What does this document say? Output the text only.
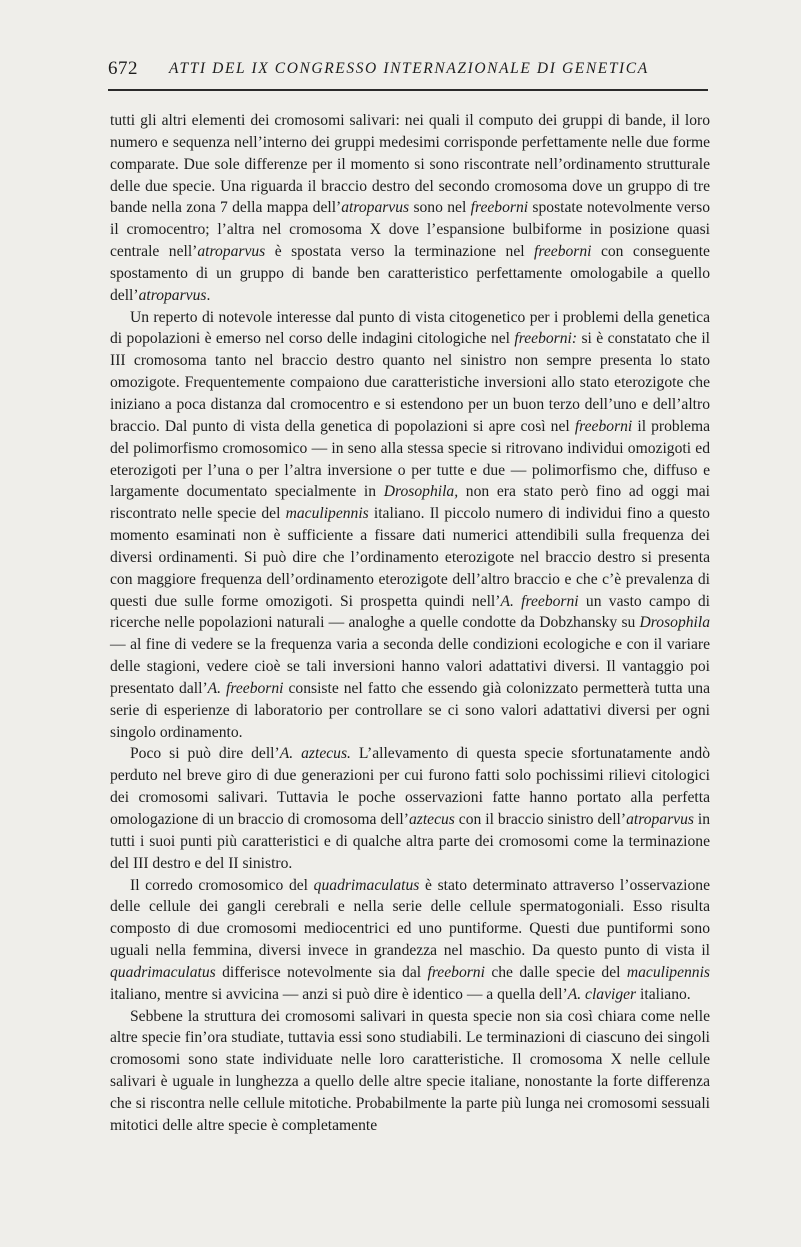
672 ATTI DEL IX CONGRESSO INTERNAZIONALE DI GENETICA

tutti gli altri elementi dei cromosomi salivari: nei quali il computo dei gruppi di bande, il loro numero e sequenza nell’interno dei gruppi medesimi corrisponde perfettamente nelle due forme comparate. Due sole differenze per il momento si sono riscontrate nell’ordinamento strutturale delle due specie. Una riguarda il braccio destro del secondo cromosoma dove un gruppo di tre bande nella zona 7 della mappa dell’atroparvus sono nel freeborni spostate notevolmente verso il cromocentro; l’altra nel cromosoma X dove l’espansione bulbiforme in posizione quasi centrale nell’atroparvus è spostata verso la terminazione nel freeborni con conseguente spostamento di un gruppo di bande ben caratteristico perfettamente omologabile a quello dell’atroparvus.

Un reperto di notevole interesse dal punto di vista citogenetico per i problemi della genetica di popolazioni è emerso nel corso delle indagini citologiche nel freeborni: si è constatato che il III cromosoma tanto nel braccio destro quanto nel sinistro non sempre presenta lo stato omozigote. Frequentemente compaiono due caratteristiche inversioni allo stato eterozigote che iniziano a poca distanza dal cromocentro e si estendono per un buon terzo dell’uno e dell’altro braccio. Dal punto di vista della genetica di popolazioni si apre così nel freeborni il problema del polimorfismo cromosomico — in seno alla stessa specie si ritrovano individui omozigoti ed eterozigoti per l’una o per l’altra inversione o per tutte e due — polimorfismo che, diffuso e largamente documentato specialmente in Drosophila, non era stato però fino ad oggi mai riscontrato nelle specie del maculipennis italiano. Il piccolo numero di individui fino a questo momento esaminati non è sufficiente a fissare dati numerici attendibili sulla frequenza dei diversi ordinamenti. Si può dire che l’ordinamento eterozigote nel braccio destro si presenta con maggiore frequenza dell’ordinamento eterozigote dell’altro braccio e che c’è prevalenza di questi due sulle forme omozigoti. Si prospetta quindi nell’A. freeborni un vasto campo di ricerche nelle popolazioni naturali — analoghe a quelle condotte da Dobzhansky su Drosophila — al fine di vedere se la frequenza varia a seconda delle condizioni ecologiche e con il variare delle stagioni, vedere cioè se tali inversioni hanno valori adattativi diversi. Il vantaggio poi presentato dall’A. freeborni consiste nel fatto che essendo già colonizzato permetterà tutta una serie di esperienze di laboratorio per controllare se ci sono valori adattativi diversi per ogni singolo ordinamento.

Poco si può dire dell’A. aztecus. L’allevamento di questa specie sfortunatamente andò perduto nel breve giro di due generazioni per cui furono fatti solo pochissimi rilievi citologici dei cromosomi salivari. Tuttavia le poche osservazioni fatte hanno portato alla perfetta omologazione di un braccio di cromosoma dell’aztecus con il braccio sinistro dell’atroparvus in tutti i suoi punti più caratteristici e di qualche altra parte dei cromosomi come la terminazione del III destro e del II sinistro.

Il corredo cromosomico del quadrimaculatus è stato determinato attraverso l’osservazione delle cellule dei gangli cerebrali e nella serie delle cellule spermatogoniali. Esso risulta composto di due cromosomi mediocentrici ed uno puntiforme. Questi due puntiformi sono uguali nella femmina, diversi invece in grandezza nel maschio. Da questo punto di vista il quadrimaculatus differisce notevolmente sia dal freeborni che dalle specie del maculipennis italiano, mentre si avvicina — anzi si può dire è identico — a quella dell’A. claviger italiano.

Sebbene la struttura dei cromosomi salivari in questa specie non sia così chiara come nelle altre specie fin’ora studiate, tuttavia essi sono studiabili. Le terminazioni di ciascuno dei singoli cromosomi sono state individuate nelle loro caratteristiche. Il cromosoma X nelle cellule salivari è uguale in lunghezza a quello delle altre specie italiane, nonostante la forte differenza che si riscontra nelle cellule mitotiche. Probabilmente la parte più lunga nei cromosomi sessuali mitotici delle altre specie è completamente
